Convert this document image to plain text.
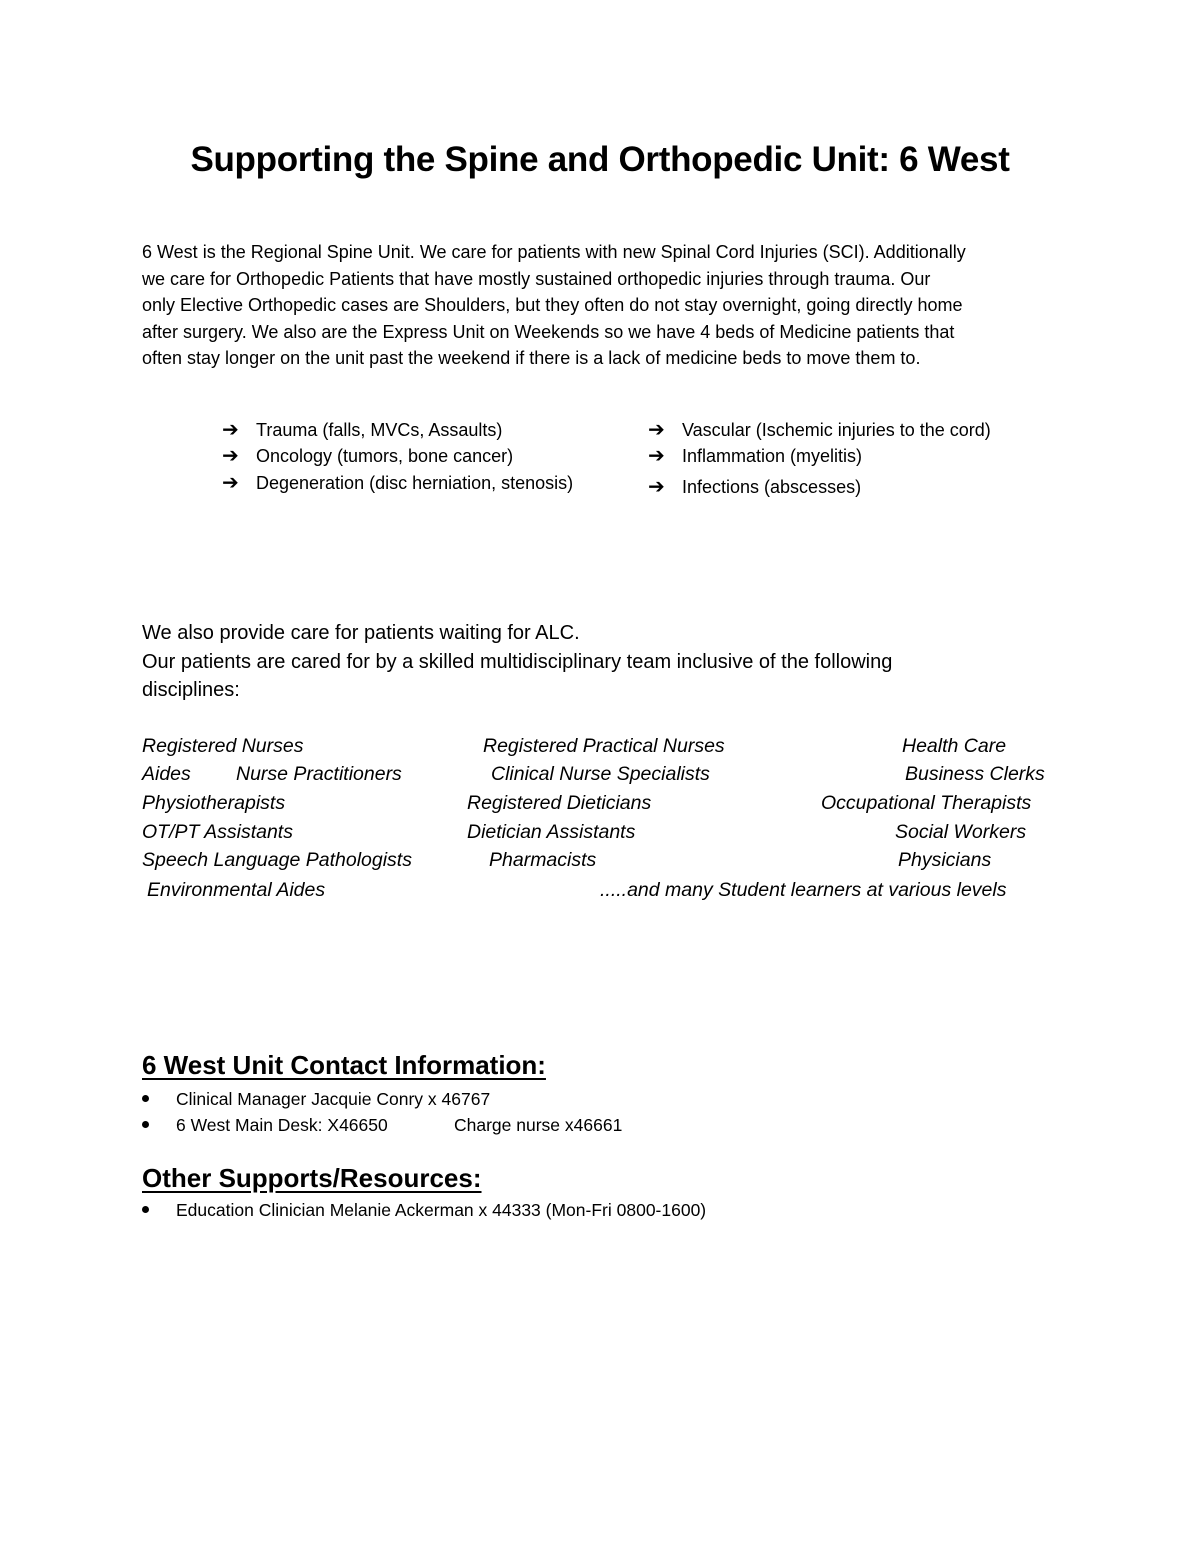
Supporting the Spine and Orthopedic Unit: 6 West

6 West is the Regional Spine Unit. We care for patients with new Spinal Cord Injuries (SCI). Additionally

we care for Orthopedic Patients that have mostly sustained orthopedic injuries through trauma. Our

only Elective Orthopedic cases are Shoulders, but they often do not stay overnight, going directly home

after surgery. We also are the Express Unit on Weekends so we have 4 beds of Medicine patients that

often stay longer on the unit past the weekend if there is a lack of medicine beds to move them to.

➔ Trauma (falls, MVCs, Assaults)
➔ Oncology (tumors, bone cancer)
➔ Degeneration (disc herniation, stenosis)
➔ Vascular (Ischemic injuries to the cord)
➔ Inflammation (myelitis)
➔ Infections (abscesses)

We also provide care for patients waiting for ALC.

Our patients are cared for by a skilled multidisciplinary team inclusive of the following

disciplines:

Registered Nurses	Registered Practical Nurses	Health Care
Aides Nurse Practitioners	Clinical Nurse Specialists	Business Clerks
Physiotherapists	Registered Dieticians	Occupational Therapists
OT/PT Assistants	Dietician Assistants	Social Workers
Speech Language Pathologists	Pharmacists	Physicians
Environmental Aides	.....and many Student learners at various levels
6 West Unit Contact Information:
Clinical Manager Jacquie Conry x 46767
6 West Main Desk: X46650	Charge nurse x46661
Other Supports/Resources:
Education Clinician Melanie Ackerman x 44333 (Mon-Fri 0800-1600)
